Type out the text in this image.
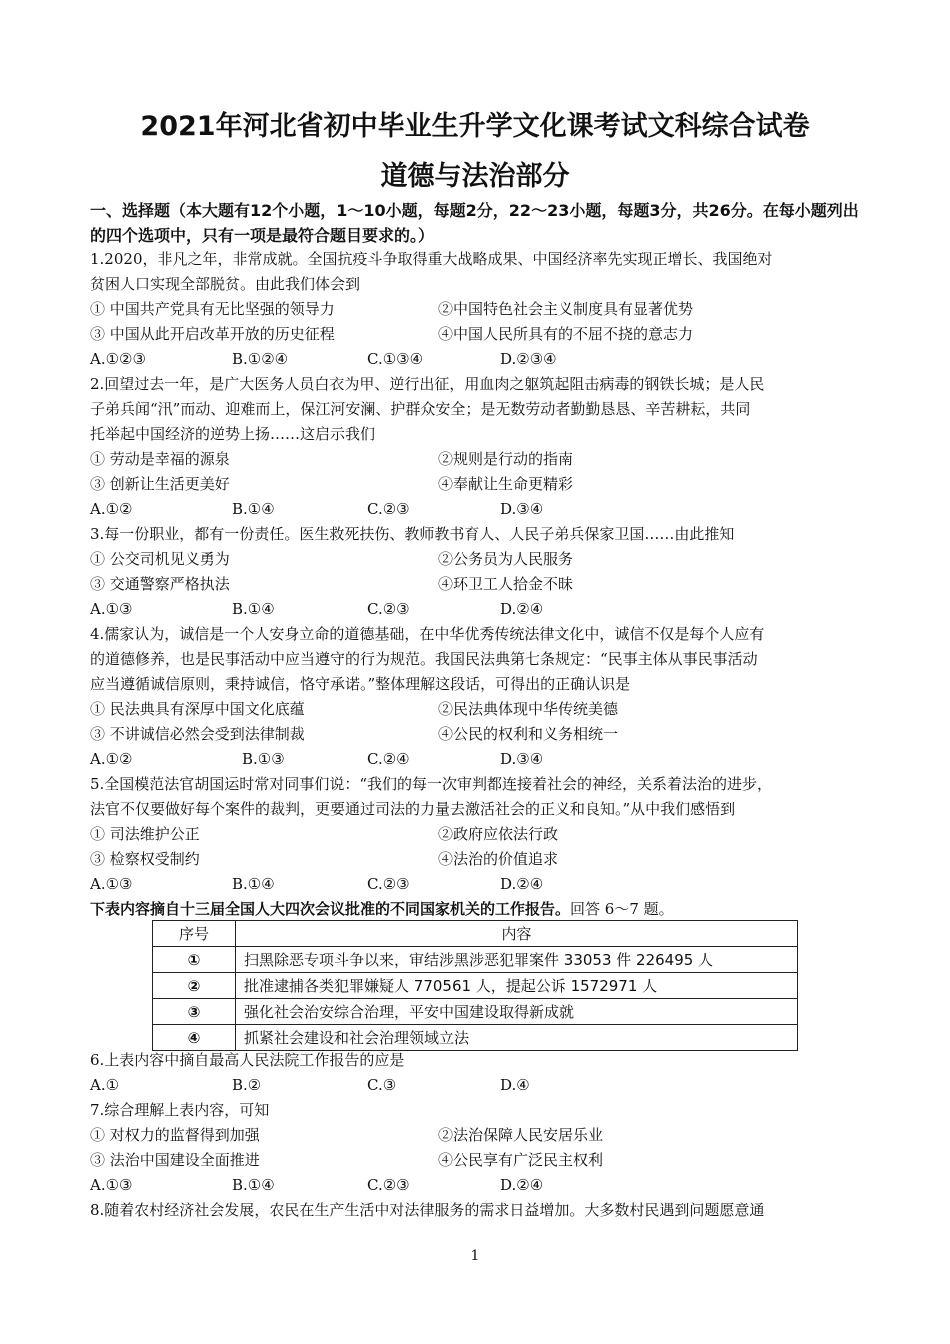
2021年河北省初中毕业生升学文化课考试文科综合试卷
道德与法治部分
一、选择题（本大题有12个小题，1～10小题，每题2分，22～23小题，每题3分，共26分。在每小题列出的四个选项中，只有一项是最符合题目要求的。）
1.2020，非凡之年，非常成就。全国抗疫斗争取得重大战略成果、中国经济率先实现正增长、我国绝对
贫困人口实现全部脱贫。由此我们体会到
① 中国共产党具有无比坚强的领导力	②中国特色社会主义制度具有显著优势
③ 中国从此开启改革开放的历史征程	④中国人民所具有的不屈不挠的意志力
A.①②③	B.①②④	C.①③④	D.②③④
2.回望过去一年，是广大医务人员白衣为甲、逆行出征，用血肉之躯筑起阻击病毒的钢铁长城；是人民
子弟兵闻“汛”而动、迎难而上，保江河安澜、护群众安全；是无数劳动者勤勤恳恳、辛苦耕耘，共同
托举起中国经济的逆势上扬……这启示我们
① 劳动是幸福的源泉	②规则是行动的指南
③ 创新让生活更美好	④奉献让生命更精彩
A.①②	B.①④	C.②③	D.③④
3.每一份职业，都有一份责任。医生救死扶伤、教师教书育人、人民子弟兵保家卫国……由此推知
① 公交司机见义勇为	②公务员为人民服务
③ 交通警察严格执法	④环卫工人拾金不昧
A.①③	B.①④	C.②③	D.②④
4.儒家认为，诚信是一个人安身立命的道德基础，在中华优秀传统法律文化中，诚信不仅是每个人应有
的道德修养，也是民事活动中应当遵守的行为规范。我国民法典第七条规定：“民事主体从事民事活动
应当遵循诚信原则，秉持诚信，恪守承诺。”整体理解这段话，可得出的正确认识是
① 民法典具有深厚中国文化底蕴	②民法典体现中华传统美德
③ 不讲诚信必然会受到法律制裁	④公民的权利和义务相统一
A.①②	B.①③	C.②④	D.③④
5.全国模范法官胡国运时常对同事们说：“我们的每一次审判都连接着社会的神经，关系着法治的进步，
法官不仅要做好每个案件的裁判，更要通过司法的力量去激活社会的正义和良知。”从中我们感悟到
① 司法维护公正	②政府应依法行政
③ 检察权受制约	④法治的价值追求
A.①③	B.①④	C.②③	D.②④
下表内容摘自十三届全国人大四次会议批准的不同国家机关的工作报告。回答 6～7 题。
序号	内容
①	扫黑除恶专项斗争以来，审结涉黑涉恶犯罪案件 33053 件 226495 人
②	批准逮捕各类犯罪嫌疑人 770561 人，提起公诉 1572971 人
③	强化社会治安综合治理，平安中国建设取得新成就
④	抓紧社会建设和社会治理领域立法
6.上表内容中摘自最高人民法院工作报告的应是
A.①	B.②	C.③	D.④
7.综合理解上表内容，可知
① 对权力的监督得到加强	②法治保障人民安居乐业
③ 法治中国建设全面推进	④公民享有广泛民主权利
A.①③	B.①④	C.②③	D.②④
8.随着农村经济社会发展，农民在生产生活中对法律服务的需求日益增加。大多数村民遇到问题愿意通
1
